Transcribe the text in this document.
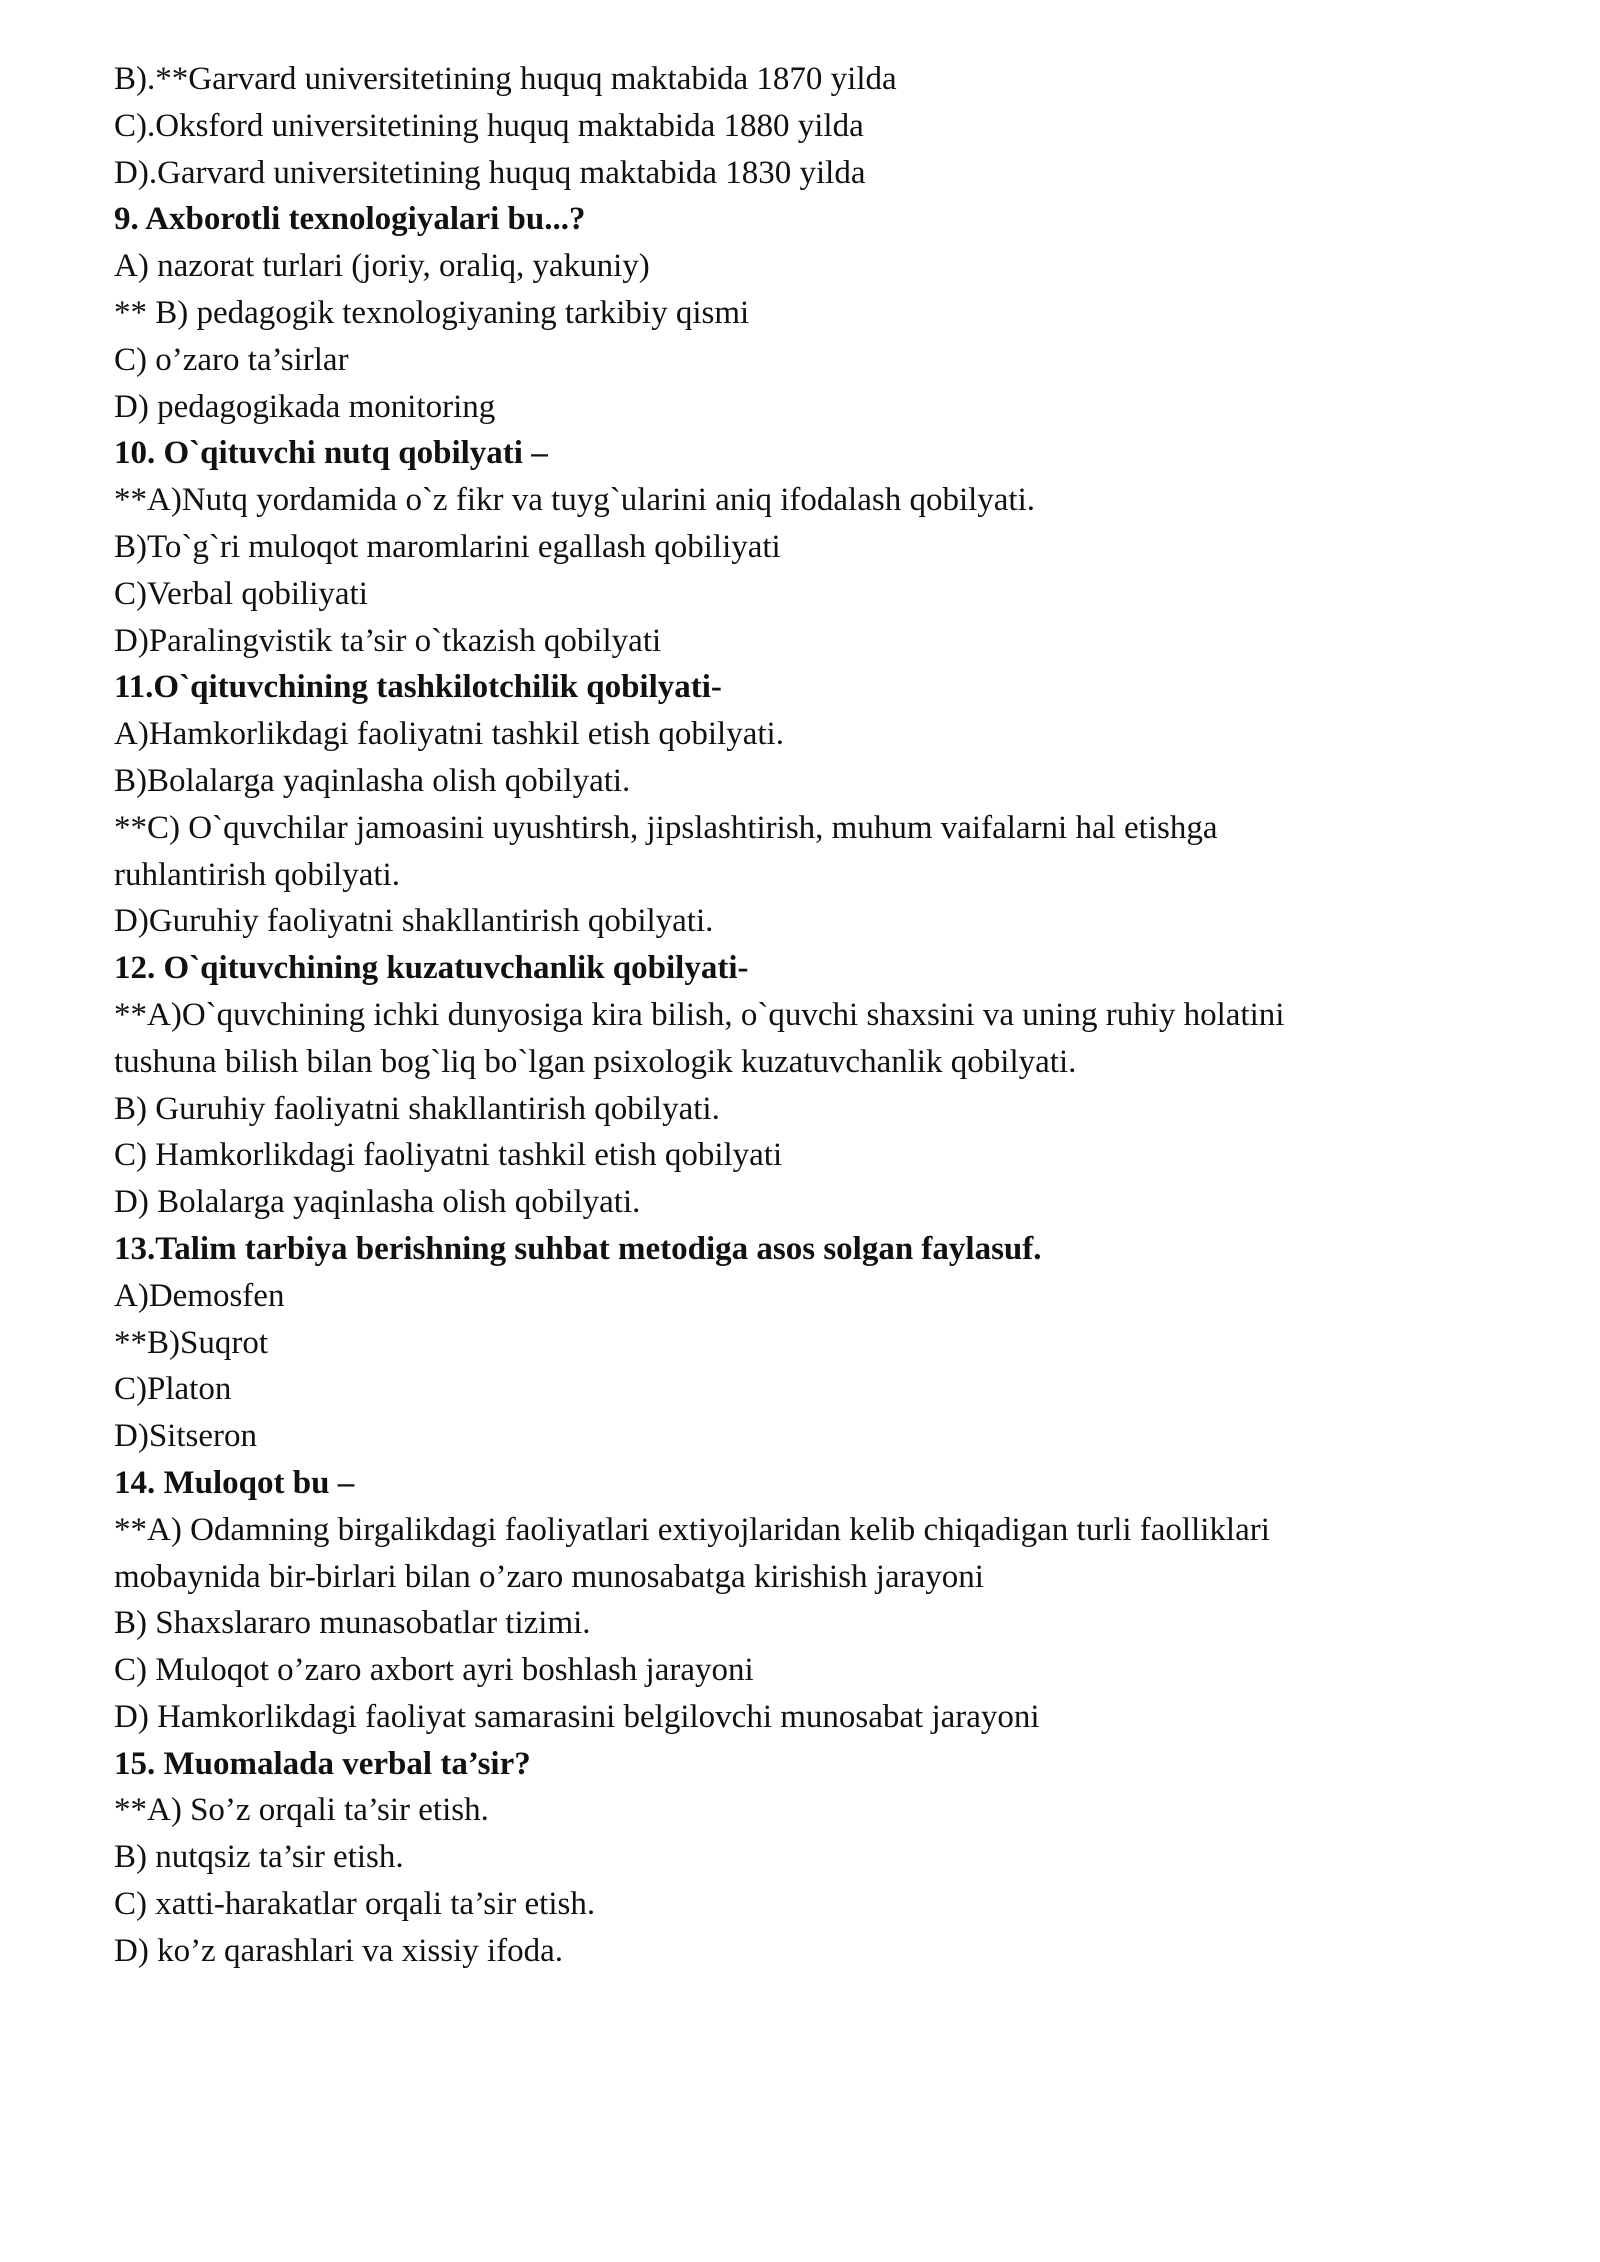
B).**Garvard universitetining huquq maktabida 1870 yilda
C).Oksford universitetining huquq maktabida 1880 yilda
D).Garvard universitetining huquq maktabida 1830 yilda
9. Axborotli texnologiyalari bu...?
A) nazorat turlari (joriy, oraliq, yakuniy)
** B) pedagogik texnologiyaning tarkibiy qismi
C) o’zaro ta’sirlar
D) pedagogikada monitoring
10. O`qituvchi nutq qobilyati –
**A)Nutq yordamida o`z fikr va tuyg`ularini aniq ifodalash qobilyati.
B)To`g`ri muloqot maromlarini egallash qobiliyati
C)Verbal qobiliyati
D)Paralingvistik ta’sir o`tkazish qobilyati
11.O`qituvchining tashkilotchilik qobilyati-
A)Hamkorlikdagi faoliyatni tashkil etish qobilyati.
B)Bolalarga yaqinlasha olish qobilyati.
**C) O`quvchilar jamoasini uyushtirsh, jipslashtirish, muhum vaifalarni hal etishga
ruhlantirish qobilyati.
D)Guruhiy faoliyatni shakllantirish qobilyati.
12. O`qituvchining kuzatuvchanlik qobilyati-
**A)O`quvchining ichki dunyosiga kira bilish, o`quvchi shaxsini va uning ruhiy holatini
tushuna bilish bilan bog`liq bo`lgan psixologik kuzatuvchanlik qobilyati.
B) Guruhiy faoliyatni shakllantirish qobilyati.
C) Hamkorlikdagi faoliyatni tashkil etish qobilyati
D) Bolalarga yaqinlasha olish qobilyati.
13.Talim tarbiya berishning suhbat metodiga asos solgan faylasuf.
A)Demosfen
**B)Suqrot
C)Platon
D)Sitseron
14. Muloqot bu –
**A) Odamning birgalikdagi faoliyatlari extiyojlaridan kelib chiqadigan turli faolliklari
mobaynida bir-birlari bilan o’zaro munosabatga kirishish jarayoni
B) Shaxslararo munasobatlar tizimi.
C) Muloqot o’zaro axbort ayri boshlash jarayoni
D) Hamkorlikdagi faoliyat samarasini belgilovchi munosabat jarayoni
15. Muomalada verbal ta’sir?
**A) So’z orqali ta’sir etish.
B) nutqsiz ta’sir etish.
C) xatti-harakatlar orqali ta’sir etish.
D) ko’z qarashlari va xissiy ifoda.
